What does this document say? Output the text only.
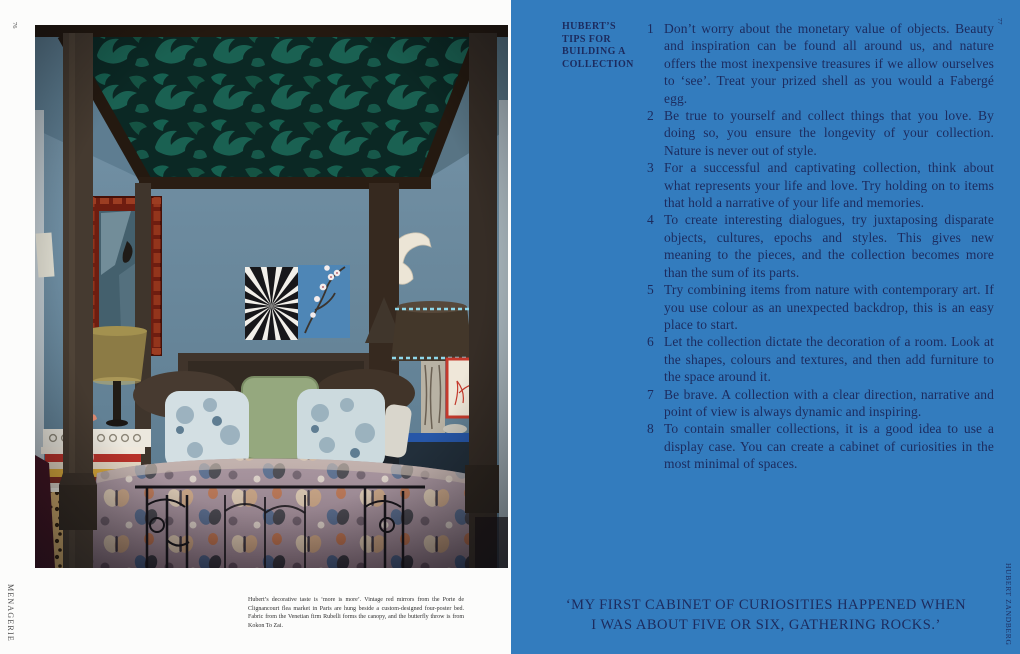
Hubert’s decorative taste is ‘more is more’. Vintage red mirrors from the Porte de Clignancourt flea market in Paris are hung beside a custom-designed four-poster bed. Fabric from the Venetian firm Rubelli forms the canopy, and the butterfly throw is from Kokon To Zai.
MENAGERIE
76	HUBERT’S
TIPS FOR
BUILDING A
COLLECTION
1 Don’t worry about the monetary value of objects. Beauty and inspiration can be found all around us, and nature offers the most inexpensive treasures if we allow ourselves to ‘see’. Treat your prized shell as you would a Fabergé egg.
2 Be true to yourself and collect things that you love. By doing so, you ensure the longevity of your collection. Nature is never out of style.
3 For a successful and captivating collection, think about what represents your life and love. Try holding on to items that hold a narrative of your life and memories.
4 To create interesting dialogues, try juxtaposing disparate objects, cultures, epochs and styles. This gives new meaning to the pieces, and the collection becomes more than the sum of its parts.
5 Try combining items from nature with contemporary art. If you use colour as an unexpected backdrop, this is an easy place to start.
6 Let the collection dictate the decoration of a room. Look at the shapes, colours and textures, and then add furniture to the space around it.
7 Be brave. A collection with a clear direction, narrative and point of view is always dynamic and inspiring.
8 To contain smaller collections, it is a good idea to use a display case. You can create a cabinet of curiosities in the most minimal of spaces.
‘MY FIRST CABINET OF CURIOSITIES HAPPENED WHEN
I WAS ABOUT FIVE OR SIX, GATHERING ROCKS.’	HUBERT ZANDBERG
77
